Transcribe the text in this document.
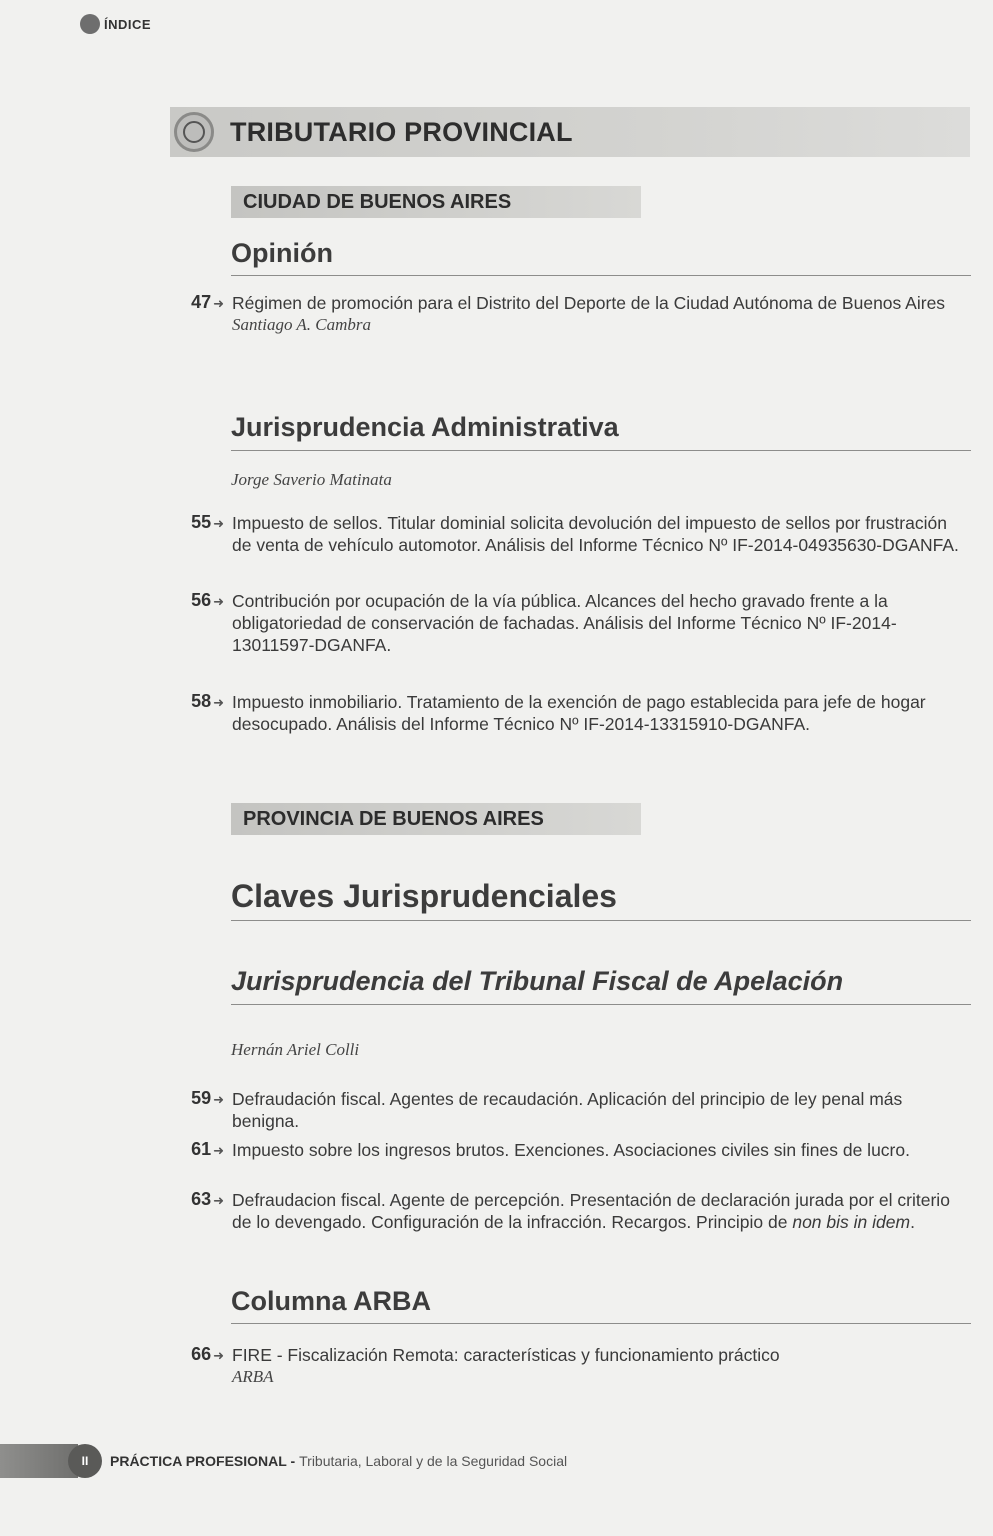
ÍNDICE
TRIBUTARIO PROVINCIAL
CIUDAD DE BUENOS AIRES
Opinión
47 ➜ Régimen de promoción para el Distrito del Deporte de la Ciudad Autónoma de Buenos Aires
Santiago A. Cambra
Jurisprudencia Administrativa
Jorge Saverio Matinata
55 ➜ Impuesto de sellos. Titular dominial solicita devolución del impuesto de sellos por frustración de venta de vehículo automotor. Análisis del Informe Técnico Nº IF-2014-04935630-DGANFA.
56 ➜ Contribución por ocupación de la vía pública. Alcances del hecho gravado frente a la obligatoriedad de conservación de fachadas. Análisis del Informe Técnico Nº IF-2014-13011597-DGANFA.
58 ➜ Impuesto inmobiliario. Tratamiento de la exención de pago establecida para jefe de hogar desocupado. Análisis del Informe Técnico Nº IF-2014-13315910-DGANFA.
PROVINCIA DE BUENOS AIRES
Claves Jurisprudenciales
Jurisprudencia del Tribunal Fiscal de Apelación
Hernán Ariel Colli
59 ➜ Defraudación fiscal. Agentes de recaudación. Aplicación del principio de ley penal más benigna.
61 ➜ Impuesto sobre los ingresos brutos. Exenciones. Asociaciones civiles sin fines de lucro.
63 ➜ Defraudacion fiscal. Agente de percepción. Presentación de declaración jurada por el criterio de lo devengado. Configuración de la infracción. Recargos. Principio de non bis in idem.
Columna ARBA
66 ➜ FIRE - Fiscalización Remota: características y funcionamiento práctico
ARBA
II	PRÁCTICA PROFESIONAL - Tributaria, Laboral y de la Seguridad Social
